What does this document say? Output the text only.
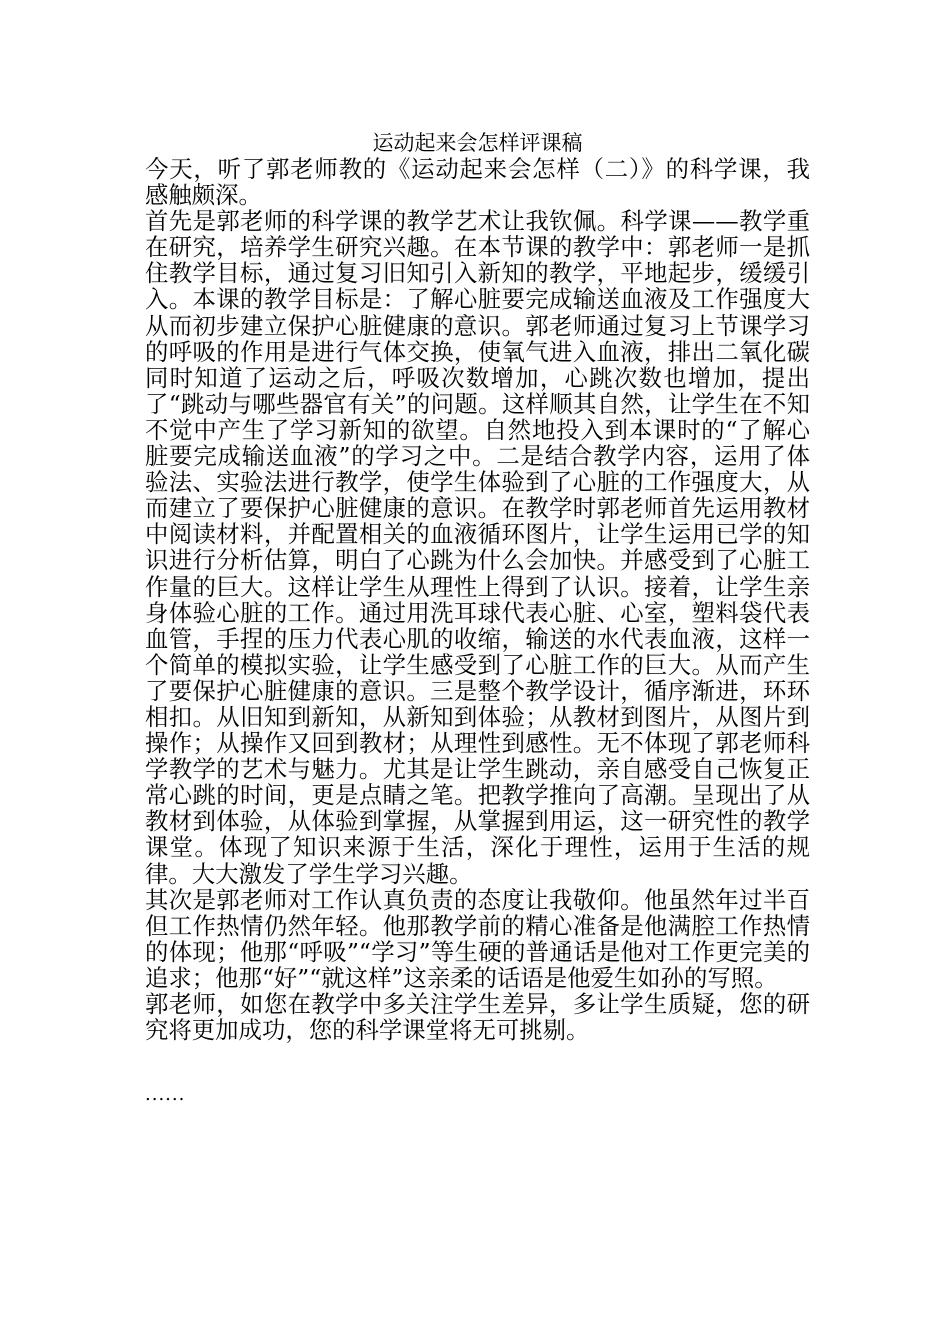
运动起来会怎样评课稿

今天，听了郭老师教的《运动起来会怎样（二）》的科学课，我感触颇深。

首先是郭老师的科学课的教学艺术让我钦佩。科学课——教学重在研究，培养学生研究兴趣。在本节课的教学中：郭老师一是抓住教学目标，通过复习旧知引入新知的教学，平地起步，缓缓引入。本课的教学目标是：了解心脏要完成输送血液及工作强度大从而初步建立保护心脏健康的意识。郭老师通过复习上节课学习的呼吸的作用是进行气体交换，使氧气进入血液，排出二氧化碳同时知道了运动之后，呼吸次数增加，心跳次数也增加，提出了“跳动与哪些器官有关”的问题。这样顺其自然，让学生在不知不觉中产生了学习新知的欲望。自然地投入到本课时的“了解心脏要完成输送血液”的学习之中。二是结合教学内容，运用了体验法、实验法进行教学，使学生体验到了心脏的工作强度大，从而建立了要保护心脏健康的意识。在教学时郭老师首先运用教材中阅读材料，并配置相关的血液循环图片，让学生运用已学的知识进行分析估算，明白了心跳为什么会加快。并感受到了心脏工作量的巨大。这样让学生从理性上得到了认识。接着，让学生亲身体验心脏的工作。通过用洗耳球代表心脏、心室，塑料袋代表血管，手捏的压力代表心肌的收缩，输送的水代表血液，这样一个简单的模拟实验，让学生感受到了心脏工作的巨大。从而产生了要保护心脏健康的意识。三是整个教学设计，循序渐进，环环相扣。从旧知到新知，从新知到体验；从教材到图片，从图片到操作；从操作又回到教材；从理性到感性。无不体现了郭老师科学教学的艺术与魅力。尤其是让学生跳动，亲自感受自己恢复正常心跳的时间，更是点睛之笔。把教学推向了高潮。呈现出了从教材到体验，从体验到掌握，从掌握到用运，这一研究性的教学课堂。体现了知识来源于生活，深化于理性，运用于生活的规律。大大激发了学生学习兴趣。

其次是郭老师对工作认真负责的态度让我敬仰。他虽然年过半百但工作热情仍然年轻。他那教学前的精心准备是他满腔工作热情的体现；他那“呼吸”“学习”等生硬的普通话是他对工作更完美的追求；他那“好”“就这样”这亲柔的话语是他爱生如孙的写照。

郭老师，如您在教学中多关注学生差异，多让学生质疑，您的研究将更加成功，您的科学课堂将无可挑剔。

......
